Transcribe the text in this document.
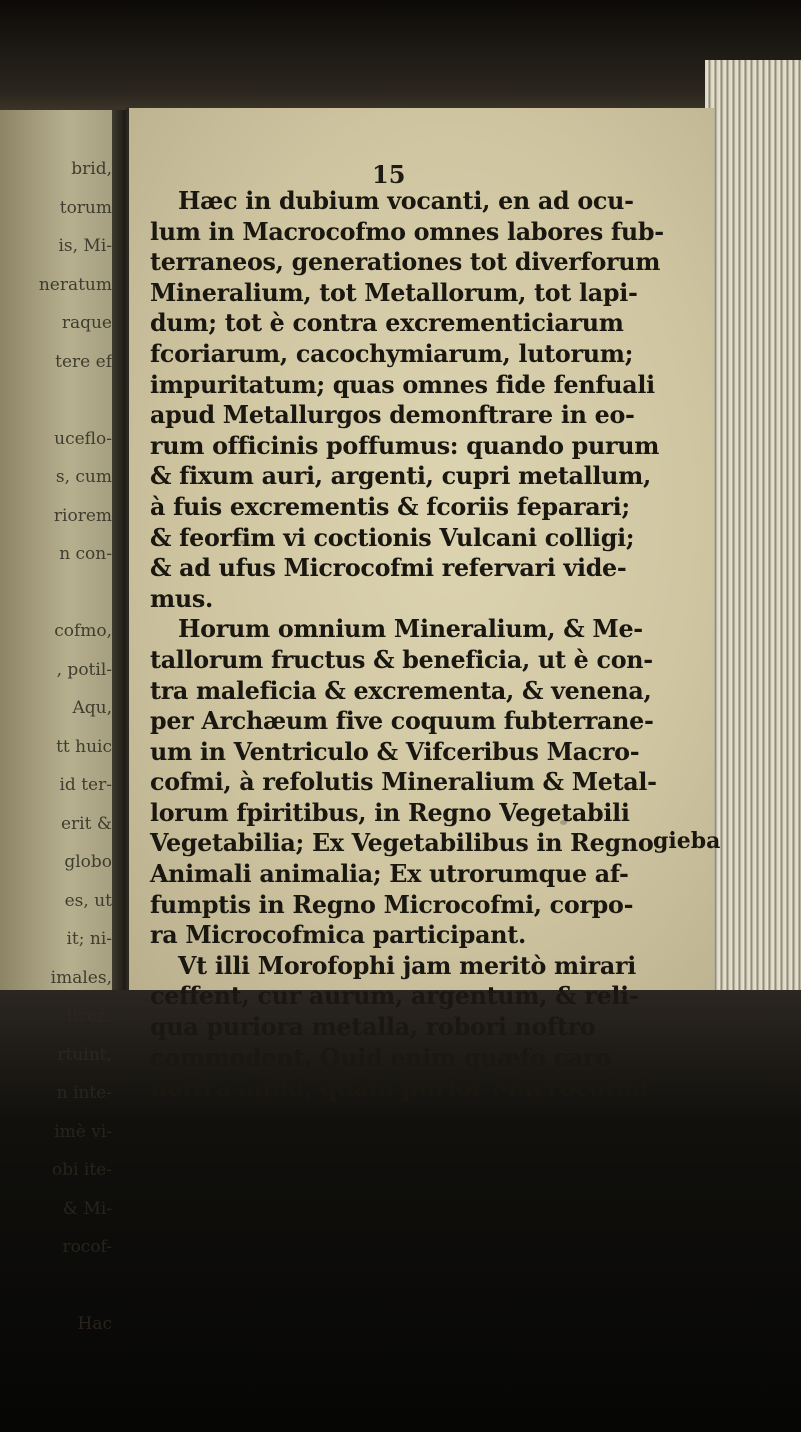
brid,
torum
is, Mi-
neratum
raque
tere ef
uceflo-
s, cum
riorem
n con-
cofmo,
, potil-
Aqu,
tt huic
id ter-
erit &
globo
es, ut
it; ni-
imales,
itrez;
rtuint,
n inte-
imè vi-
obi ite-
& Mi-
rocof-
Hac
15
Hæc in dubium vocanti, en ad ocu-
lum in Macrocofmo omnes labores fub-
terraneos, generationes tot diverforum
Mineralium, tot Metallorum, tot lapi-
dum; tot è contra excrementiciarum
fcoriarum, cacochymiarum, lutorum;
impuritatum; quas omnes fide fenfuali
apud Metallurgos demonftrare in eo-
rum officinis poffumus: quando purum
& fixum auri, argenti, cupri metallum,
à fuis excrementis & fcoriis feparari;
& feorfim vi coctionis Vulcani colligi;
& ad ufus Microcofmi refervari vide-
mus.
Horum omnium Mineralium, & Me-
tallorum fructus & beneficia, ut è con-
tra maleficia & excrementa, & venena,
per Archæum five coquum fubterrane-
um in Ventriculo & Vifceribus Macro-
cofmi, à refolutis Mineralium & Metal-
lorum fpiritibus, in Regno Vegetabili
Vegetabilia; Ex Vegetabilibus in Regno
Animali animalia; Ex utrorumque af-
fumptis in Regno Microcofmi, corpo-
ra Microcofmica participant.
Vt illi Morofophi jam meritò mirari
ceffent, cur aurum, argentum, & reli-
qua puriora metalla, robori noftro
commodent. Quid enim quæfo caro
noftra aliud, quàm purior Macrocofmi
gieba
